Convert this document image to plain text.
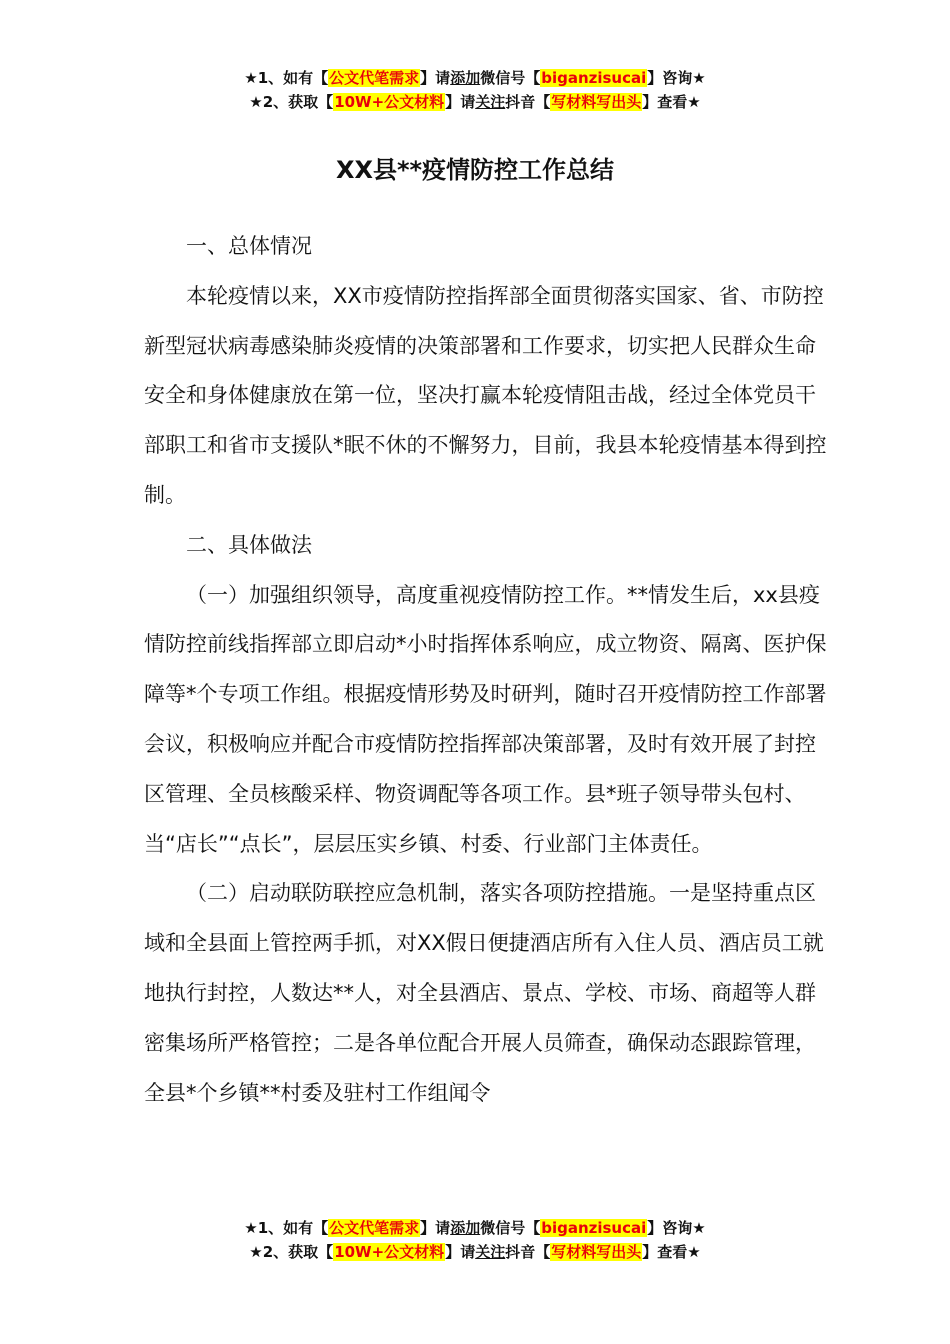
★1、如有【公文代笔需求】请添加微信号【biganzisucai】咨询★
★2、获取【10W+公文材料】请关注抖音【写材料写出头】查看★
XX县**疫情防控工作总结

一、总体情况

本轮疫情以来，XX市疫情防控指挥部全面贯彻落实国家、省、市防控新型冠状病毒感染肺炎疫情的决策部署和工作要求，切实把人民群众生命安全和身体健康放在第一位，坚决打赢本轮疫情阻击战，经过全体党员干部职工和省市支援队*眠不休的不懈努力，目前，我县本轮疫情基本得到控制。

二、具体做法

（一）加强组织领导，高度重视疫情防控工作。**情发生后，xx县疫情防控前线指挥部立即启动*小时指挥体系响应，成立物资、隔离、医护保障等*个专项工作组。根据疫情形势及时研判，随时召开疫情防控工作部署会议，积极响应并配合市疫情防控指挥部决策部署，及时有效开展了封控区管理、全员核酸采样、物资调配等各项工作。县*班子领导带头包村、当“店长”“点长”，层层压实乡镇、村委、行业部门主体责任。

（二）启动联防联控应急机制，落实各项防控措施。一是坚持重点区域和全县面上管控两手抓，对XX假日便捷酒店所有入住人员、酒店员工就地执行封控，人数达**人，对全县酒店、景点、学校、市场、商超等人群密集场所严格管控；二是各单位配合开展人员筛查，确保动态跟踪管理，全县*个乡镇**村委及驻村工作组闻令

★1、如有【公文代笔需求】请添加微信号【biganzisucai】咨询★
★2、获取【10W+公文材料】请关注抖音【写材料写出头】查看★
